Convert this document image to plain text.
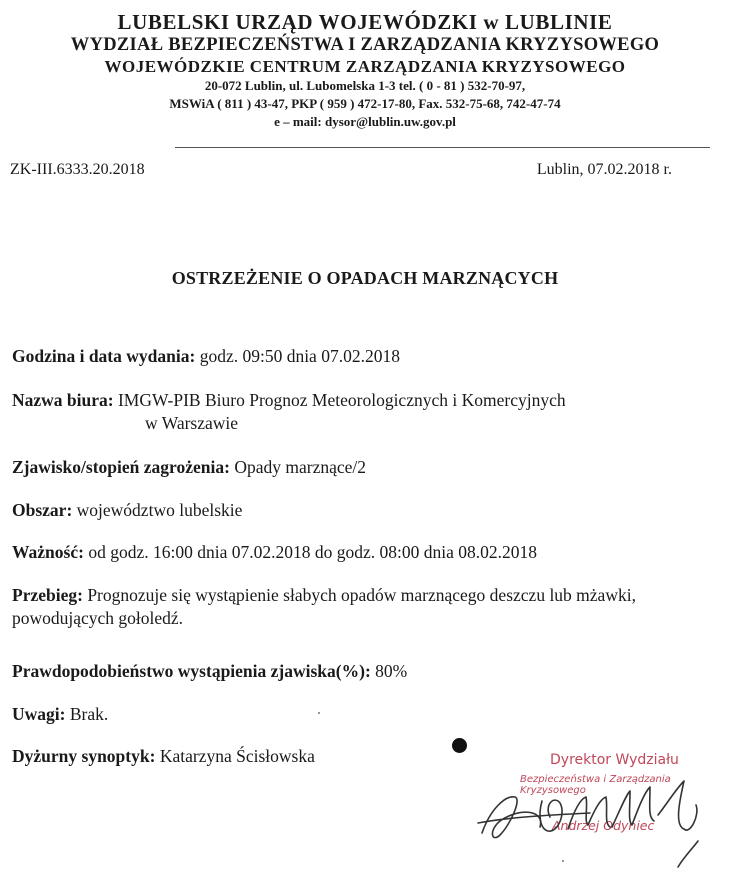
LUBELSKI URZĄD WOJEWÓDZKI w LUBLINIE
WYDZIAŁ BEZPIECZEŃSTWA I ZARZĄDZANIA KRYZYSOWEGO
WOJEWÓDZKIE CENTRUM ZARZĄDZANIA KRYZYSOWEGO
20-072 Lublin, ul. Lubomelska 1-3 tel. ( 0 - 81 ) 532-70-97,
MSWiA ( 811 ) 43-47, PKP ( 959 ) 472-17-80, Fax. 532-75-68, 742-47-74
e – mail: dysor@lublin.uw.gov.pl
ZK-III.6333.20.2018	Lublin, 07.02.2018 r.
OSTRZEŻENIE O OPADACH MARZNĄCYCH
Godzina i data wydania: godz. 09:50 dnia 07.02.2018
Nazwa biura: IMGW-PIB Biuro Prognoz Meteorologicznych i Komercyjnych
w Warszawie
Zjawisko/stopień zagrożenia: Opady marznące/2
Obszar: województwo lubelskie
Ważność: od godz. 16:00 dnia 07.02.2018 do godz. 08:00 dnia 08.02.2018
Przebieg: Prognozuje się wystąpienie słabych opadów marznącego deszczu lub mżawki, powodujących gołoledź.
Prawdopodobieństwo wystąpienia zjawiska(%): 80%
Uwagi: Brak.
Dyżurny synoptyk: Katarzyna Ścisłowska	Dyrektor Wydziału
Bezpieczeństwa i Zarządzania Kryzysowego
Andrzej Odyniec
